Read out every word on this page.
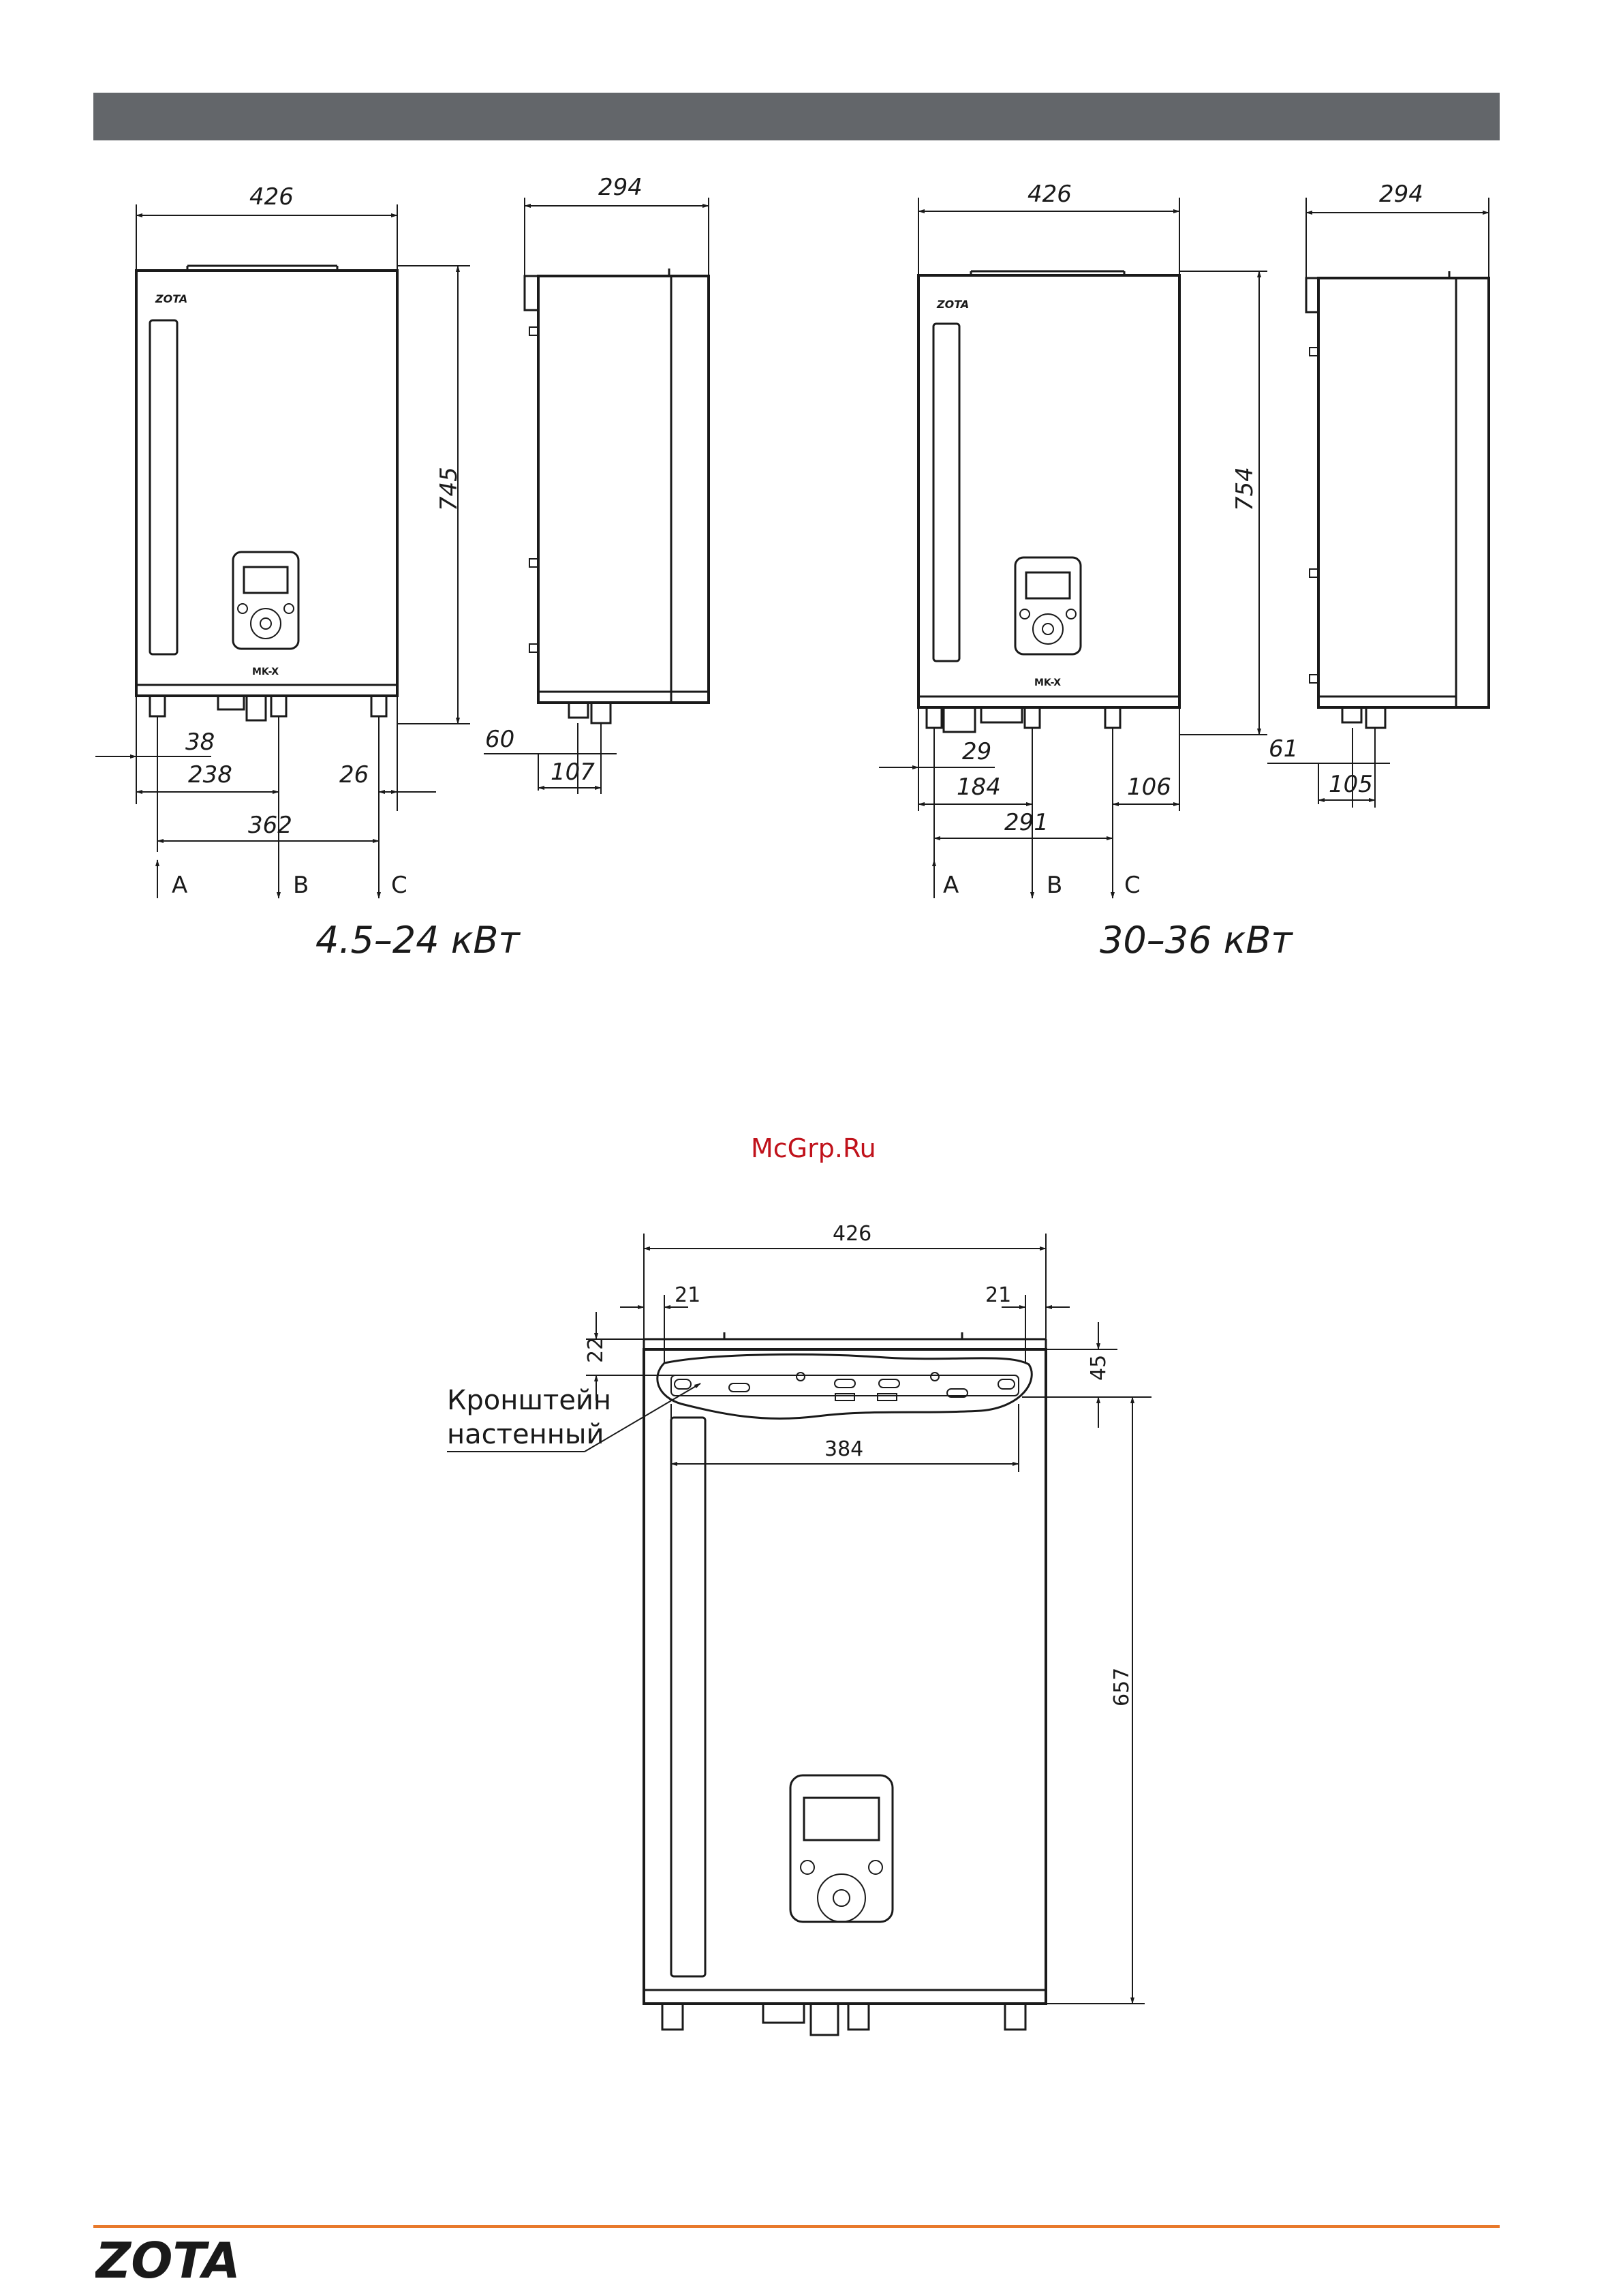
ZOTA
MK-X
426
745
38
238	26
362
A	B	C
294
60
107
4.5–24 кВт
ZOTA
MK-X
426
754
29
184	106
291
A	B	C
294
61
105
30–36 кВт
McGrp.Ru
426
21	21
22
45
384
657
Кронштейн
настенный
ZOTA
